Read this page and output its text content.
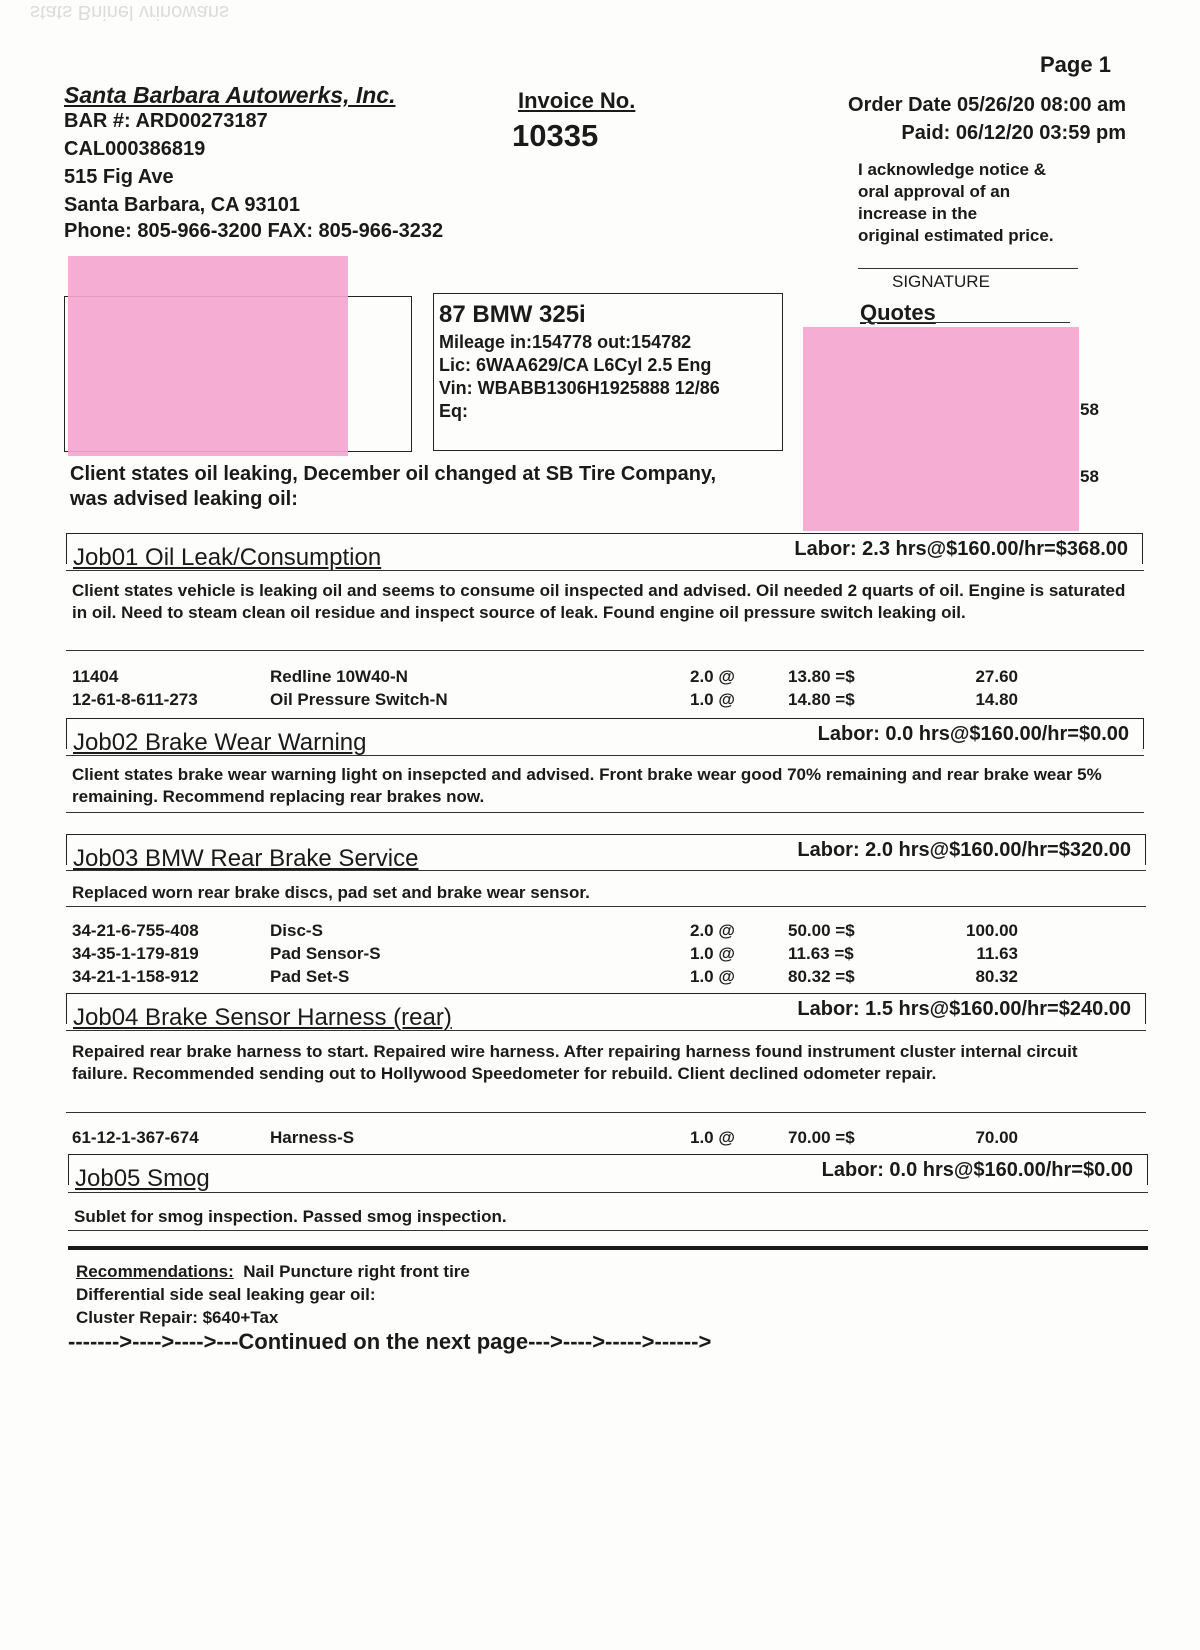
stats Bninel vrinowans
Page 1
Santa Barbara Autowerks, Inc.
BAR #: ARD00273187
CAL000386819
515 Fig Ave
Santa Barbara, CA 93101
Phone: 805-966-3200 FAX: 805-966-3232
Invoice No.
10335
Order Date 05/26/20 08:00 am
Paid: 06/12/20 03:59 pm
I acknowledge notice &
oral approval of an
increase in the
original estimated price.
SIGNATURE
Quotes
58
58
87 BMW 325i
Mileage in:154778 out:154782
Lic: 6WAA629/CA L6Cyl 2.5 Eng
Vin: WBABB1306H1925888 12/86
Eq:
Client states oil leaking, December oil changed at SB Tire Company,
was advised leaking oil:
Job01 Oil Leak/Consumption	Labor: 2.3 hrs@$160.00/hr=$368.00
Client states vehicle is leaking oil and seems to consume oil inspected and advised. Oil needed 2 quarts of oil. Engine is saturated in oil. Need to steam clean oil residue and inspect source of leak. Found engine oil pressure switch leaking oil.
11404	Redline 10W40-N	2.0 @	13.80 =$	27.60
12-61-8-611-273	Oil Pressure Switch-N	1.0 @	14.80 =$	14.80
Job02 Brake Wear Warning	Labor: 0.0 hrs@$160.00/hr=$0.00
Client states brake wear warning light on insepcted and advised. Front brake wear good 70% remaining and rear brake wear 5% remaining. Recommend replacing rear brakes now.
Job03 BMW Rear Brake Service	Labor: 2.0 hrs@$160.00/hr=$320.00
Replaced worn rear brake discs, pad set and brake wear sensor.
34-21-6-755-408	Disc-S	2.0 @	50.00 =$	100.00
34-35-1-179-819	Pad Sensor-S	1.0 @	11.63 =$	11.63
34-21-1-158-912	Pad Set-S	1.0 @	80.32 =$	80.32
Job04 Brake Sensor Harness (rear)	Labor: 1.5 hrs@$160.00/hr=$240.00
Repaired rear brake harness to start. Repaired wire harness. After repairing harness found instrument cluster internal circuit failure. Recommended sending out to Hollywood Speedometer for rebuild. Client declined odometer repair.
61-12-1-367-674	Harness-S	1.0 @	70.00 =$	70.00
Job05 Smog	Labor: 0.0 hrs@$160.00/hr=$0.00
Sublet for smog inspection. Passed smog inspection.
Recommendations: Nail Puncture right front tire
Differential side seal leaking gear oil:
Cluster Repair: $640+Tax
------->---->---->---Continued on the next page--->---->----->------>
